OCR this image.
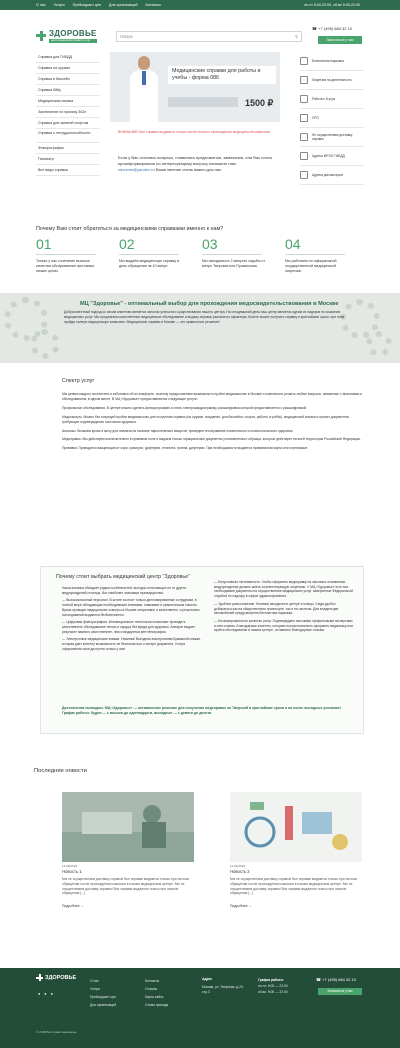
О нас Услуги Прейскурант цен Для организаций Контакты	пн-пт 8:00-22:00, сб-вс 9:00-22:00
ЗДОРОВЬЕ
центр медицинских справок и услуг
ПОИСК
⚲
☎ +7 (495) 684 32 10
Записаться у нас
Справка для ГИБДД
Справка на оружие
Справка в бассейн
Справка 086у
Медицинская книжка
Заключение по приказу 302н
Справка для занятий спортом
Справка о нетрудоспособности
Флюорография
Психиатр
Все виды справок
Медицинские справки для работы и учебы - форма 086
1500 ₽
ВНИМАНИЕ! Все справки выдаются только после полного прохождения медицинской комиссии!
Если у Вас остались вопросы, появились предложения, замечания, или Вас плохо проинформировали по интересующему вопросу напишите нам.
zdorovie@yandex.ru Ваше мнение очень важно для нас.
Бесплатная парковка
Лицензия на деятельность
Работа с 8 утра
СРО
Не осуществляем доставку справок
Адреса МРЭО ГИБДД
Адреса диспансеров
Почему Вам стоит обратиться за медицинскими справками именно к нам?
01
Только у нас сочетание высокое качества обслуживания при самых низких ценах.
02
Мы выдаём медицинскую справку в день обращения за 10 минут.
03
Мы находимся в 2 минутах ходьбы от метро Тверская или Пушкинская.
04
Мы работаем по официальной государственной медицинской лицензии.
МЦ "Здоровье" - оптимальный выбор для прохождения медосвидетельствования в Москве
Добросовестный подход ко своим клиентам является залогом успешного существования нашего центра. На сегодняшний день наш центр является одним из лидеров по оказанию медицинских услуг. Мы предлагаем качественное медицинское обследование и выдачу справок различного характера. Клиент может получить справку в кратчайшие сроки, при этом пройдя полную медицинскую комиссию. Медицинские справки в Москве — это правильное решение!
Спектр услуг

Мы ценим каждого посетителя и заботимся об их комфорте, поэтому предоставляем возможность пройти медкомиссию в Москве и комплексно решить любые вопросы, связанные с анализами и обследованием, в одном месте. В МЦ «Здоровье» предоставляются следующие услуги:

Профильные обследования. В центре можно сделать флюорографию и снять электрокардиограмму, расшифровка которой предоставляется с расшифровкой.

Медосмотры. Можно без очередей пройти медкомиссию для получения справок (на оружие, вождение, для бассейна, спорта, работы и учёбы), медицинской книжки и прочих документов, требующих подтверждения состояния здоровья.

Анализы. Возьмем кровь и мочу для анализа на наличие наркотических веществ, проведем тестирование психического и психологического здоровья.

Медсправки. Мы действуем исключительно в правовом поле и выдаем только официальные документы установленного образца, которые действуют на всей территории Российской Федерации.

Прививки. Проводится вакцинация от кори, краснухи, дифтерии, гепатита, гриппа, дифтерии. При необходимости выдается прививочная карта или сертификат.

Почему стоит выбрать медицинский центр "Здоровье"

Наша клиника обладает рядом особенностей, выгодно отличающих ее от других медучреждений столицы. Вот наиболее значимые преимущества:

— Высококлассный персонал. В штате состоят только дипломированные сотрудники, в полной мере обладающие необходимыми знаниями, навыками и практическим опытом. Врачи проводят медицинские осмотры в Москве оперативно и качественно, а результаты исследований выдаются безболезненно.

— Цифровая флюорография. Инновационные технологии позволяют проводить качественное обследование легких и сердца без вреда для здоровья. Аппарат выдает результат намного качественнее, чем стандартная рентгенография.

— Электронные медицинские книжки. Новинка! Выгодная альтернатива бумажной книжке, которая дает клиенту возможность не беспокоиться о потере документа. Услуга оформления пока доступна только у нас!

— Безусловная легитимность. Чтобы оформить медсправку на законных основаниях, медучреждение должно иметь соответствующую лицензию. У МЦ «Здоровье» есть все необходимые документы на осуществление медицинских услуг, заверенные Федеральной службой по надзору в сфере здравоохранения.

— Удобное расположение. Клиника находится в центре столицы. Сюда удобно добираться как на общественном транспорте, так и на частном. Для владельцев автомобилей предусмотрена бесплатная парковка.

— Бескомпромиссное качество услуг. Подтверждено высокими профильными экспертами в сети клиник. Благодарные клиенты, которым посчастливилось оформить медкнижку или пройти обследование в нашем центре, оставляют благодарные отзывы.

Достоинства очевидны. МЦ «Здоровье» — оптимальное решение для получения медсправок на Тверской в кратчайшие сроки и на очень выгодных условиях! График работы: будни — с восьми до одиннадцати, выходные — с девяти до десяти.
Последние новости
13.08.2018
Новость 1
Мы не осуществляем доставку справок! Все справки выдаются только при личном обращении после прохождения комиссии в нашем медицинском центре. Мы не осуществляем доставку справок! Все справки выдаются только при личном обращении [...]
Подробнее →
12.08.2018
Новость 2
Мы не осуществляем доставку справок! Все справки выдаются только при личном обращении после прохождения комиссии в нашем медицинском центре. Мы не осуществляем доставку справок! Все справки выдаются только при личном обращении [...]
Подробнее →
ЗДОРОВЬЕ
● ● ●
О нас
Услуги
Прейскурант цен
Для организаций
Контакты
Отзывы
Карта сайта
Схема проезда
Адрес
Москва, ул. Тверская, д.20, стр.3
График работы
пн-пт: 8:00 — 22:00
сб-вс: 9:00 — 22:00
☎ +7 (495) 684 32 10
Записаться у нас
© 2018 Все права защищены
